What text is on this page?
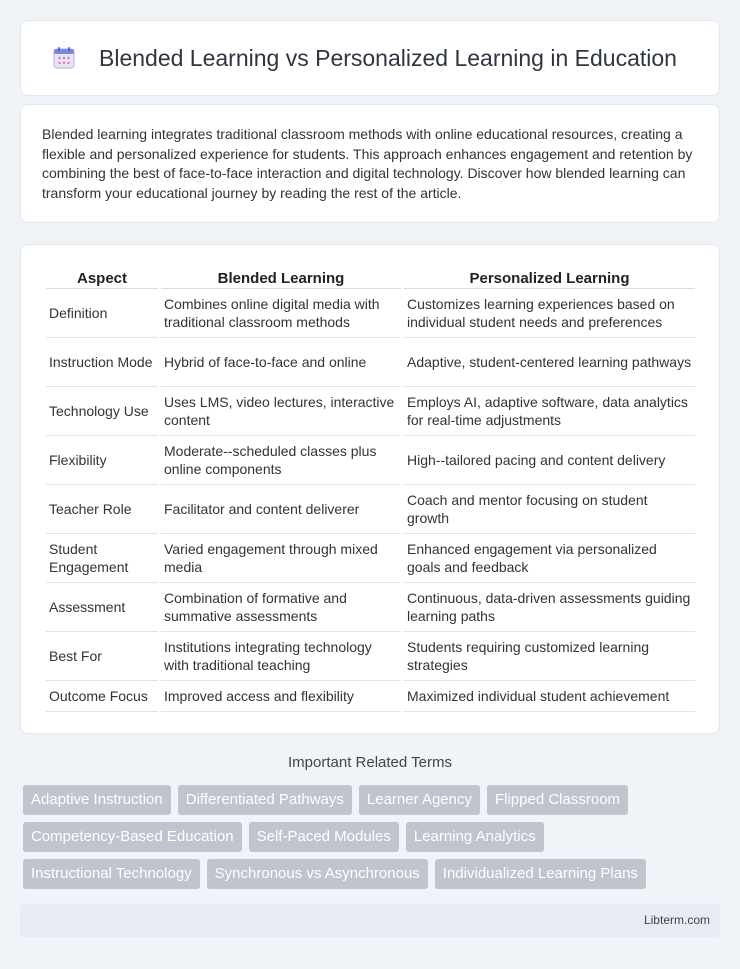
Blended Learning vs Personalized Learning in Education

Blended learning integrates traditional classroom methods with online educational resources, creating a flexible and personalized experience for students. This approach enhances engagement and retention by combining the best of face-to-face interaction and digital technology. Discover how blended learning can transform your educational journey by reading the rest of the article.

Aspect	Blended Learning	Personalized Learning
Definition	Combines online digital media with traditional classroom methods	Customizes learning experiences based on individual student needs and preferences
Instruction Mode	Hybrid of face-to-face and online	Adaptive, student-centered learning pathways
Technology Use	Uses LMS, video lectures, interactive content	Employs AI, adaptive software, data analytics for real-time adjustments
Flexibility	Moderate--scheduled classes plus online components	High--tailored pacing and content delivery
Teacher Role	Facilitator and content deliverer	Coach and mentor focusing on student growth
Student Engagement	Varied engagement through mixed media	Enhanced engagement via personalized goals and feedback
Assessment	Combination of formative and summative assessments	Continuous, data-driven assessments guiding learning paths
Best For	Institutions integrating technology with traditional teaching	Students requiring customized learning strategies
Outcome Focus	Improved access and flexibility	Maximized individual student achievement
Important Related Terms
Adaptive Instruction	Differentiated Pathways	Learner Agency	Flipped Classroom
Competency-Based Education	Self-Paced Modules	Learning Analytics
Instructional Technology	Synchronous vs Asynchronous	Individualized Learning Plans
Libterm.com
